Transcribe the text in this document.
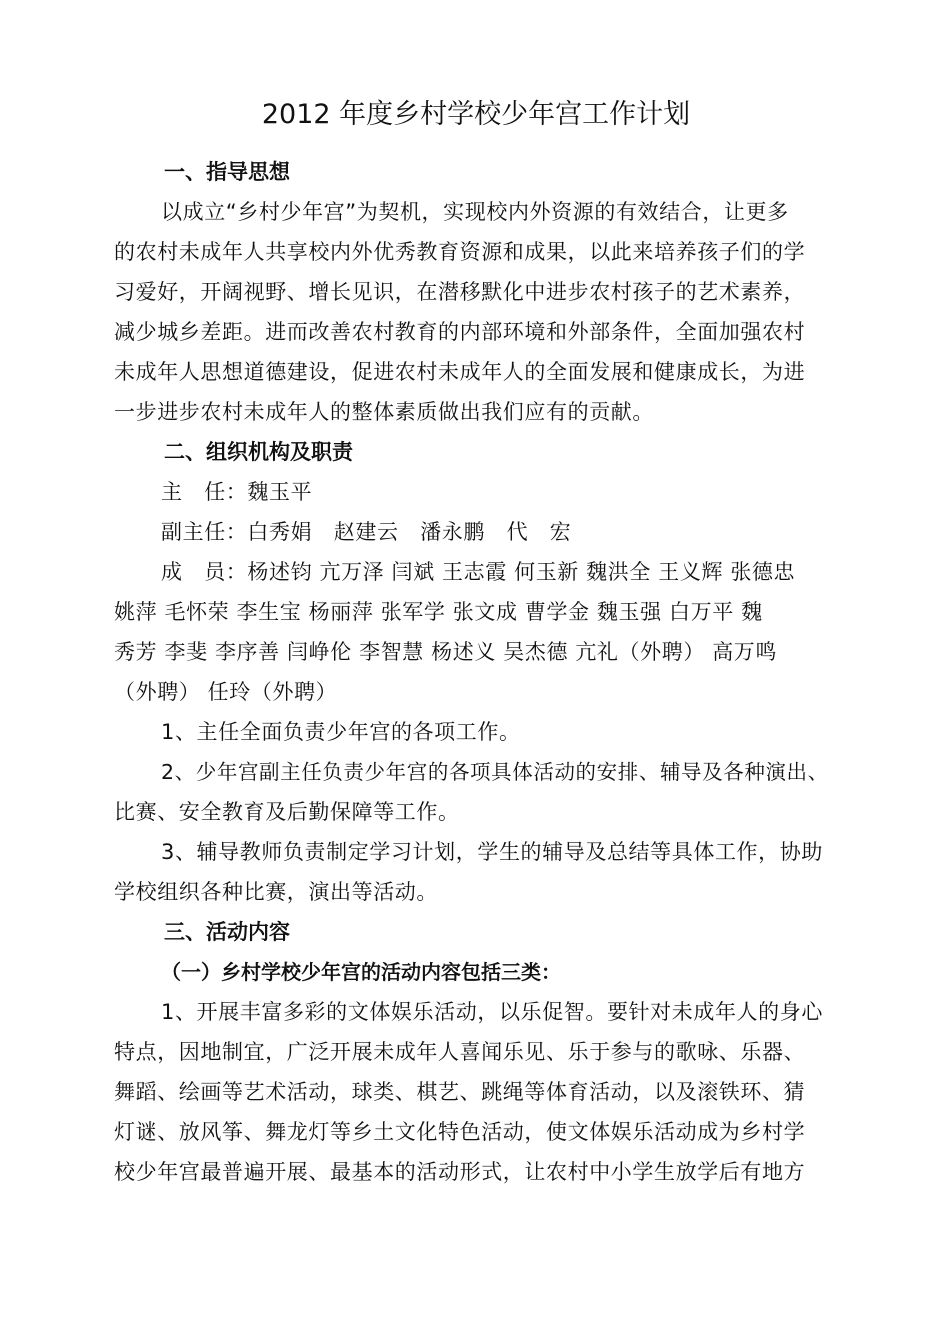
2012 年度乡村学校少年宫工作计划

一、指导思想

以成立“乡村少年宫”为契机，实现校内外资源的有效结合，让更多

的农村未成年人共享校内外优秀教育资源和成果，以此来培养孩子们的学

习爱好，开阔视野、增长见识，在潜移默化中进步农村孩子的艺术素养，

减少城乡差距。进而改善农村教育的内部环境和外部条件，全面加强农村

未成年人思想道德建设，促进农村未成年人的全面发展和健康成长，为进

一步进步农村未成年人的整体素质做出我们应有的贡献。

二、组织机构及职责

主　任：魏玉平

副主任：白秀娟　赵建云　潘永鹏　代　宏

成　员：杨述钧 亢万泽 闫斌 王志霞 何玉新 魏洪全 王义辉 张德忠

姚萍 毛怀荣 李生宝 杨丽萍 张军学 张文成 曹学金 魏玉强 白万平 魏

秀芳 李斐 李序善 闫峥伦 李智慧 杨述义 吴杰德 亢礼（外聘） 高万鸣

（外聘） 任玲（外聘）

1、主任全面负责少年宫的各项工作。

2、少年宫副主任负责少年宫的各项具体活动的安排、辅导及各种演出、

比赛、安全教育及后勤保障等工作。

3、辅导教师负责制定学习计划，学生的辅导及总结等具体工作，协助

学校组织各种比赛，演出等活动。

三、活动内容

（一）乡村学校少年宫的活动内容包括三类：

1、开展丰富多彩的文体娱乐活动，以乐促智。要针对未成年人的身心

特点，因地制宜，广泛开展未成年人喜闻乐见、乐于参与的歌咏、乐器、

舞蹈、绘画等艺术活动，球类、棋艺、跳绳等体育活动，以及滚铁环、猜

灯谜、放风筝、舞龙灯等乡土文化特色活动，使文体娱乐活动成为乡村学

校少年宫最普遍开展、最基本的活动形式，让农村中小学生放学后有地方
